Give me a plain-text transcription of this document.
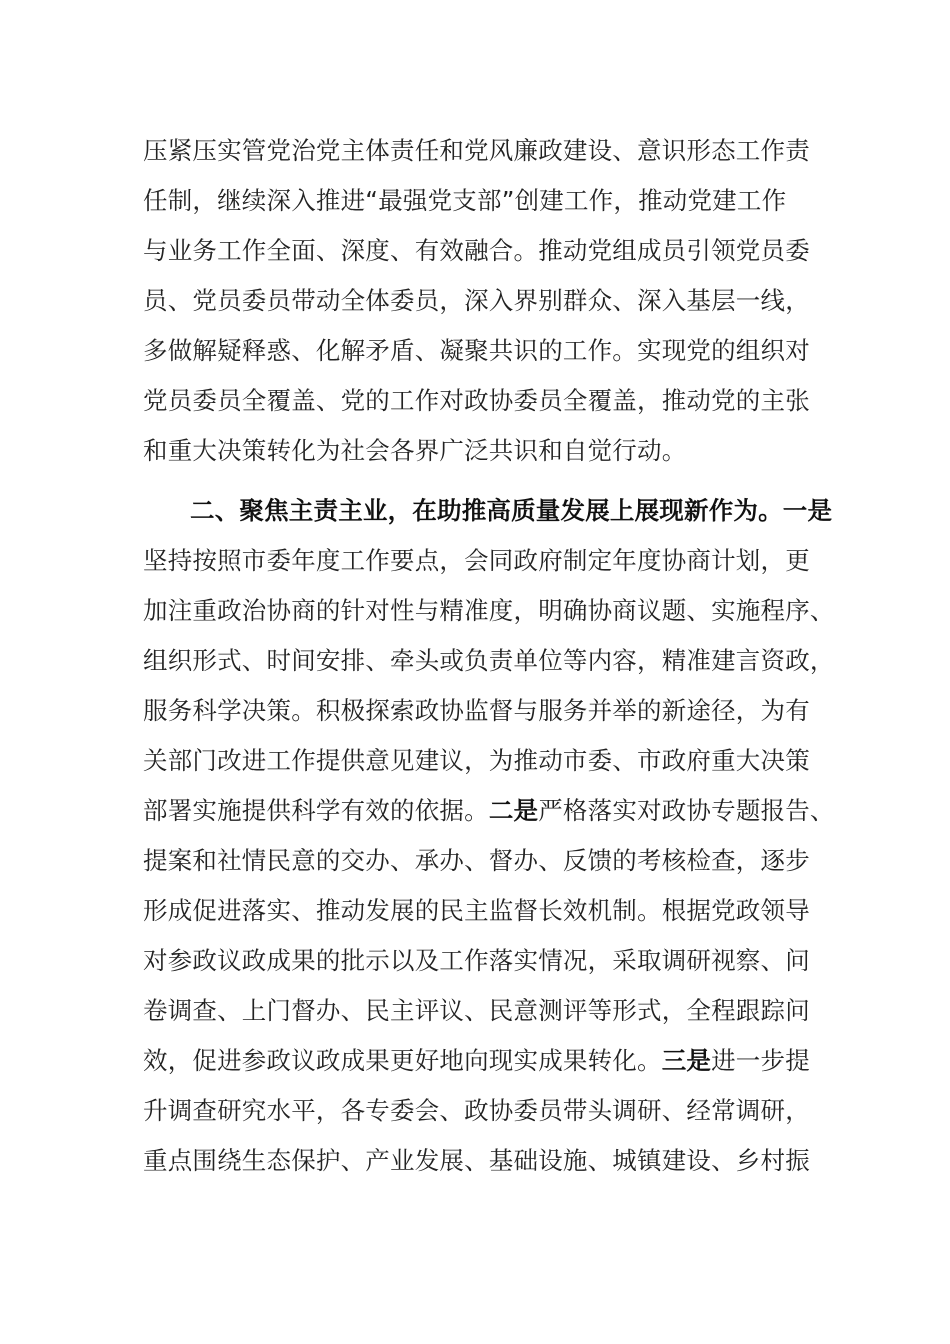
压紧压实管党治党主体责任和党风廉政建设、意识形态工作责
任制，继续深入推进“最强党支部”创建工作，推动党建工作
与业务工作全面、深度、有效融合。推动党组成员引领党员委
员、党员委员带动全体委员，深入界别群众、深入基层一线，
多做解疑释惑、化解矛盾、凝聚共识的工作。实现党的组织对
党员委员全覆盖、党的工作对政协委员全覆盖，推动党的主张
和重大决策转化为社会各界广泛共识和自觉行动。
二、聚焦主责主业，在助推高质量发展上展现新作为。一是
坚持按照市委年度工作要点，会同政府制定年度协商计划，更
加注重政治协商的针对性与精准度，明确协商议题、实施程序、
组织形式、时间安排、牵头或负责单位等内容，精准建言资政，
服务科学决策。积极探索政协监督与服务并举的新途径，为有
关部门改进工作提供意见建议，为推动市委、市政府重大决策
部署实施提供科学有效的依据。二是严格落实对政协专题报告、
提案和社情民意的交办、承办、督办、反馈的考核检查，逐步
形成促进落实、推动发展的民主监督长效机制。根据党政领导
对参政议政成果的批示以及工作落实情况，采取调研视察、问
卷调查、上门督办、民主评议、民意测评等形式，全程跟踪问
效，促进参政议政成果更好地向现实成果转化。三是进一步提
升调查研究水平，各专委会、政协委员带头调研、经常调研，
重点围绕生态保护、产业发展、基础设施、城镇建设、乡村振
